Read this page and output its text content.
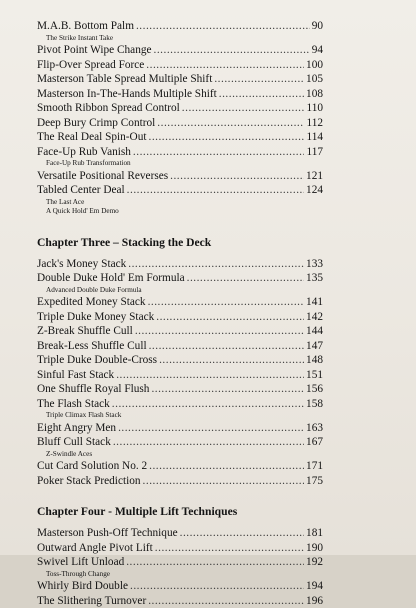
M.A.B. Bottom Palm .....	90
The Strike Instant Take
Pivot Point Wipe Change .....	94
Flip-Over Spread Force .....	100
Masterson Table Spread Multiple Shift .....	105
Masterson In-The-Hands Multiple Shift .....	108
Smooth Ribbon Spread Control .....	110
Deep Bury Crimp Control .....	112
The Real Deal Spin-Out .....	114
Face-Up Rub Vanish .....	117
Face-Up Rub Transformation
Versatile Positional Reverses .....	121
Tabled Center Deal .....	124
The Last Ace
A Quick Hold' Em Demo
Chapter Three – Stacking the Deck
Jack's Money Stack .....	133
Double Duke Hold' Em Formula .....	135
Advanced Double Duke Formula
Expedited Money Stack .....	141
Triple Duke Money Stack .....	142
Z-Break Shuffle Cull .....	144
Break-Less Shuffle Cull .....	147
Triple Duke Double-Cross .....	148
Sinful Fast Stack .....	151
One Shuffle Royal Flush .....	156
The Flash Stack .....	158
Triple Climax Flash Stack
Eight Angry Men .....	163
Bluff Cull Stack .....	167
Z-Swindle Aces
Cut Card Solution No. 2 .....	171
Poker Stack Prediction .....	175
Chapter Four - Multiple Lift Techniques
Masterson Push-Off Technique .....	181
Outward Angle Pivot Lift .....	190
Swivel Lift Unload .....	192
Toss-Through Change
Whirly Bird Double .....	194
The Slithering Turnover .....	196
